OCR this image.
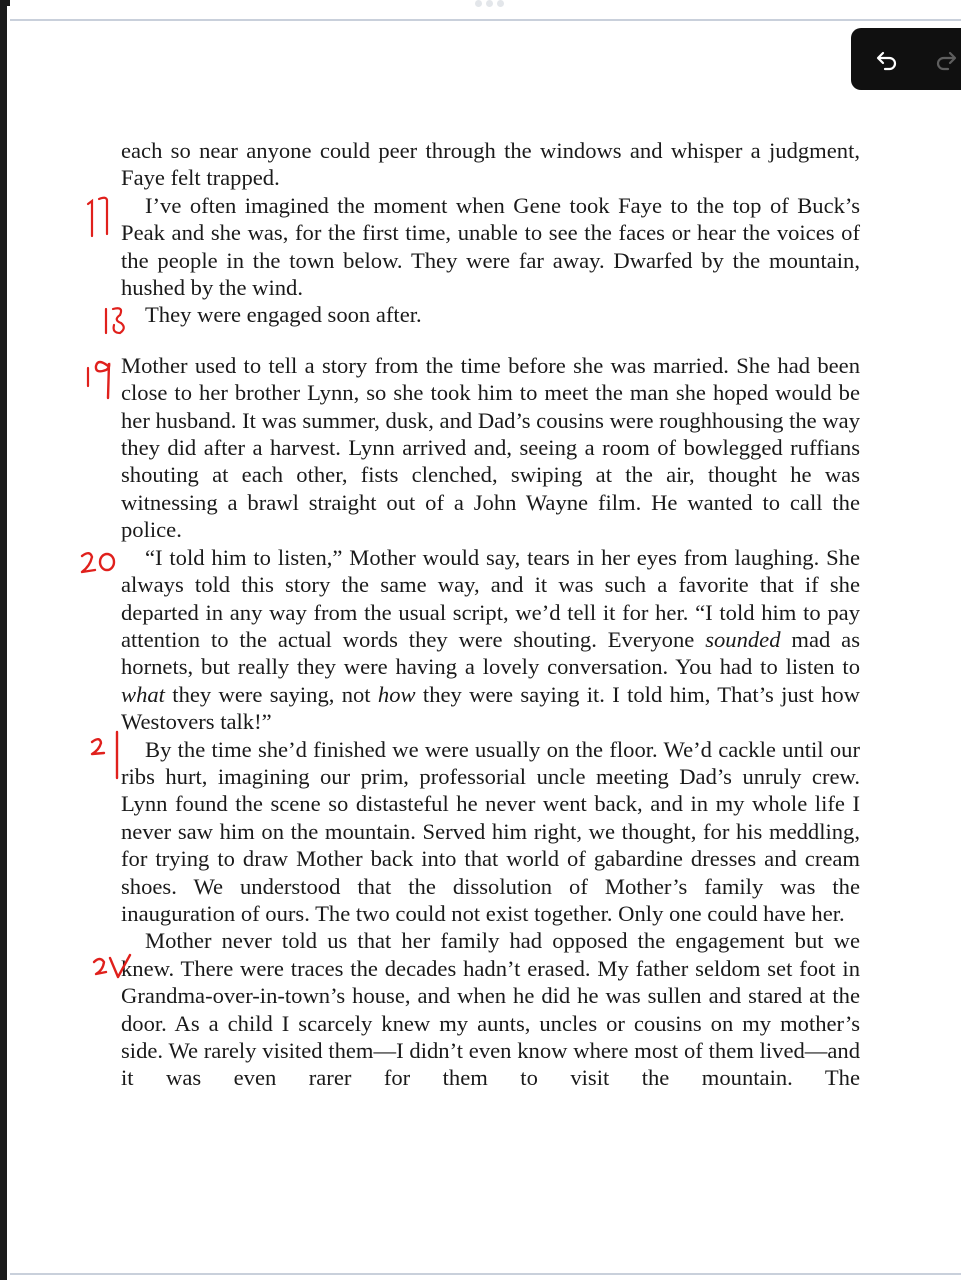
each so near anyone could peer through the windows and whisper a judgment, Faye felt trapped.

I’ve often imagined the moment when Gene took Faye to the top of Buck’s Peak and she was, for the first time, unable to see the faces or hear the voices of the people in the town below. They were far away. Dwarfed by the mountain, hushed by the wind.

They were engaged soon after.

Mother used to tell a story from the time before she was married. She had been close to her brother Lynn, so she took him to meet the man she hoped would be her husband. It was summer, dusk, and Dad’s cousins were roughhousing the way they did after a harvest. Lynn arrived and, seeing a room of bowlegged ruffians shouting at each other, fists clenched, swiping at the air, thought he was witnessing a brawl straight out of a John Wayne film. He wanted to call the police.

“I told him to listen,” Mother would say, tears in her eyes from laughing. She always told this story the same way, and it was such a favorite that if she departed in any way from the usual script, we’d tell it for her. “I told him to pay attention to the actual words they were shouting. Everyone sounded mad as hornets, but really they were having a lovely conversation. You had to listen to what they were saying, not how they were saying it. I told him, That’s just how Westovers talk!”

By the time she’d finished we were usually on the floor. We’d cackle until our ribs hurt, imagining our prim, professorial uncle meeting Dad’s unruly crew. Lynn found the scene so distasteful he never went back, and in my whole life I never saw him on the mountain. Served him right, we thought, for his meddling, for trying to draw Mother back into that world of gabardine dresses and cream shoes. We understood that the dissolution of Mother’s family was the inauguration of ours. The two could not exist together. Only one could have her.

Mother never told us that her family had opposed the engagement but we knew. There were traces the decades hadn’t erased. My father seldom set foot in Grandma-over-in-town’s house, and when he did he was sullen and stared at the door. As a child I scarcely knew my aunts, uncles or cousins on my mother’s side. We rarely visited them—I didn’t even know where most of them lived—and it was even rarer for them to visit the mountain. The
